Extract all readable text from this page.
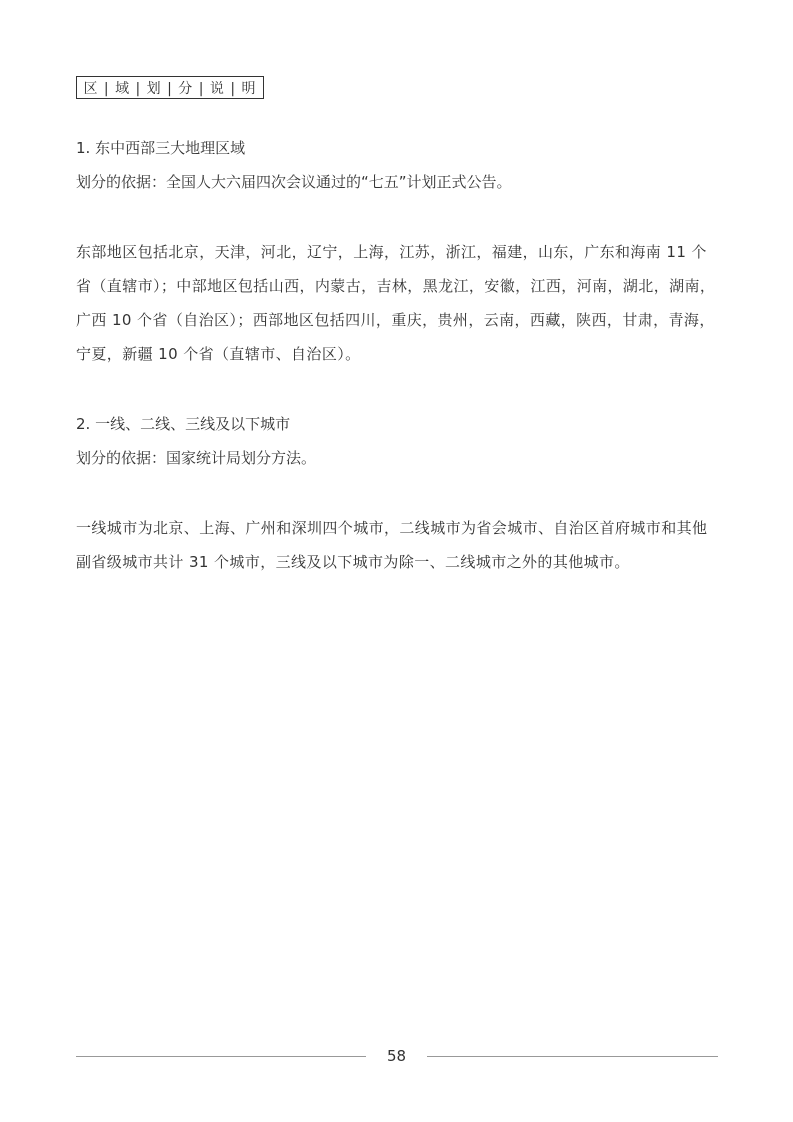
区 | 域 | 划 | 分 | 说 | 明
1. 东中西部三大地理区域
划分的依据：全国人大六届四次会议通过的“七五”计划正式公告。
东部地区包括北京，天津，河北，辽宁，上海，江苏，浙江，福建，山东，广东和海南 11 个省（直辖市）；中部地区包括山西，内蒙古，吉林，黑龙江，安徽，江西，河南，湖北，湖南，广西 10 个省（自治区）；西部地区包括四川，重庆，贵州，云南，西藏，陕西，甘肃，青海，宁夏，新疆 10 个省（直辖市、自治区）。
2. 一线、二线、三线及以下城市
划分的依据：国家统计局划分方法。
一线城市为北京、上海、广州和深圳四个城市，二线城市为省会城市、自治区首府城市和其他副省级城市共计 31 个城市，三线及以下城市为除一、二线城市之外的其他城市。
58
